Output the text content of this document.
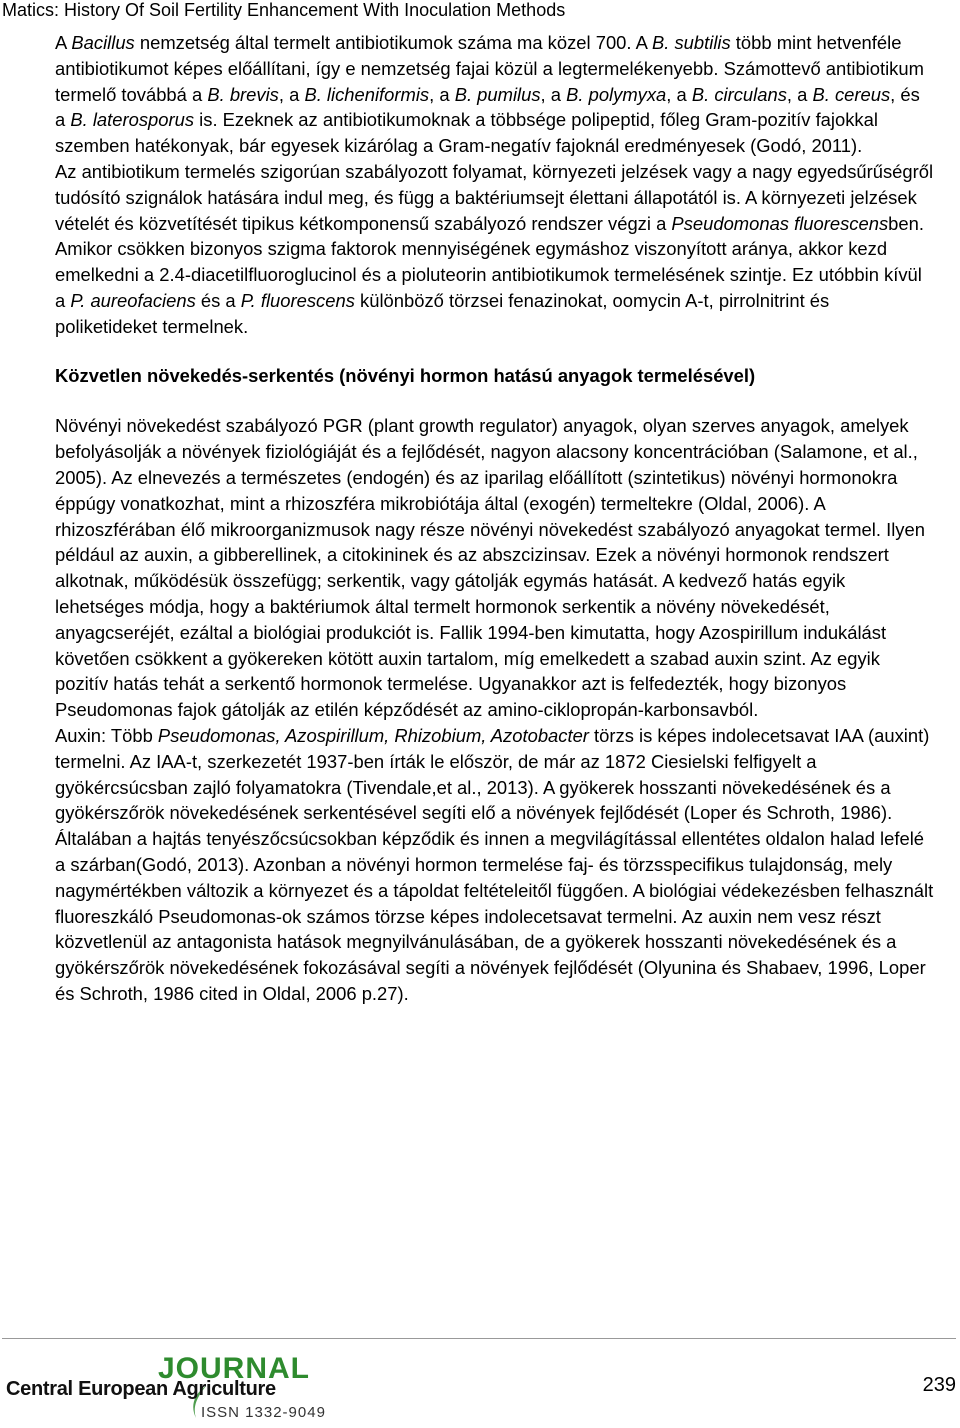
Matics: History Of Soil Fertility Enhancement With Inoculation Methods

A Bacillus nemzetség által termelt antibiotikumok száma ma közel 700. A B. subtilis több mint hetvenféle antibiotikumot képes előállítani, így e nemzetség fajai közül a legtermelékenyebb. Számottevő antibiotikum termelő továbbá a B. brevis, a B. licheniformis, a B. pumilus, a B. polymyxa, a B. circulans, a B. cereus, és a B. laterosporus is. Ezeknek az antibiotikumoknak a többsége polipeptid, főleg Gram-pozitív fajokkal szemben hatékonyak, bár egyesek kizárólag a Gram-negatív fajoknál eredményesek (Godó, 2011).

Az antibiotikum termelés szigorúan szabályozott folyamat, környezeti jelzések vagy a nagy egyedsűrűségről tudósító szignálok hatására indul meg, és függ a baktériumsejt élettani állapotától is. A környezeti jelzések vételét és közvetítését tipikus kétkomponensű szabályozó rendszer végzi a Pseudomonas fluorescensben. Amikor csökken bizonyos szigma faktorok mennyiségének egymáshoz viszonyított aránya, akkor kezd emelkedni a 2.4-diacetilfluoroglucinol és a pioluteorin antibiotikumok termelésének szintje. Ez utóbbin kívül a P. aureofaciens és a P. fluorescens különböző törzsei fenazinokat, oomycin A-t, pirrolnitrint és poliketideket termelnek.

Közvetlen növekedés-serkentés (növényi hormon hatású anyagok termelésével)

Növényi növekedést szabályozó PGR (plant growth regulator) anyagok, olyan szerves anyagok, amelyek befolyásolják a növények fiziológiáját és a fejlődését, nagyon alacsony koncentrációban (Salamone, et al., 2005). Az elnevezés a természetes (endogén) és az iparilag előállított (szintetikus) növényi hormonokra éppúgy vonatkozhat, mint a rhizoszféra mikrobiótája által (exogén) termeltekre (Oldal, 2006). A rhizoszférában élő mikroorganizmusok nagy része növényi növekedést szabályozó anyagokat termel. Ilyen például az auxin, a gibberellinek, a citokininek és az abszcizinsav. Ezek a növényi hormonok rendszert alkotnak, működésük összefügg; serkentik, vagy gátolják egymás hatását. A kedvező hatás egyik lehetséges módja, hogy a baktériumok által termelt hormonok serkentik a növény növekedését, anyagcseréjét, ezáltal a biológiai produkciót is. Fallik 1994-ben kimutatta, hogy Azospirillum indukálást követően csökkent a gyökereken kötött auxin tartalom, míg emelkedett a szabad auxin szint. Az egyik pozitív hatás tehát a serkentő hormonok termelése. Ugyanakkor azt is felfedezték, hogy bizonyos Pseudomonas fajok gátolják az etilén képződését az amino-ciklopropán-karbonsavból.

Auxin: Több Pseudomonas, Azospirillum, Rhizobium, Azotobacter törzs is képes indolecetsavat IAA (auxint) termelni. Az IAA-t, szerkezetét 1937-ben írták le először, de már az 1872 Ciesielski felfigyelt a gyökércsúcsban zajló folyamatokra (Tivendale,et al., 2013). A gyökerek hosszanti növekedésének és a gyökérszőrök növekedésének serkentésével segíti elő a növények fejlődését (Loper és Schroth, 1986). Általában a hajtás tenyészőcsúcsokban képződik és innen a megvilágítással ellentétes oldalon halad lefelé a szárban(Godó, 2013). Azonban a növényi hormon termelése faj- és törzsspecifikus tulajdonság, mely nagymértékben változik a környezet és a tápoldat feltételeitől függően. A biológiai védekezésben felhasznált fluoreszkáló Pseudomonas-ok számos törzse képes indolecetsavat termelni. Az auxin nem vesz részt közvetlenül az antagonista hatások megnyilvánulásában, de a gyökerek hosszanti növekedésének és a gyökérszőrök növekedésének fokozásával segíti a növények fejlődését (Olyunina és Shabaev, 1996, Loper és Schroth, 1986 cited in Oldal, 2006 p.27).

JOURNAL
Central European Agriculture
ISSN 1332-9049
239
